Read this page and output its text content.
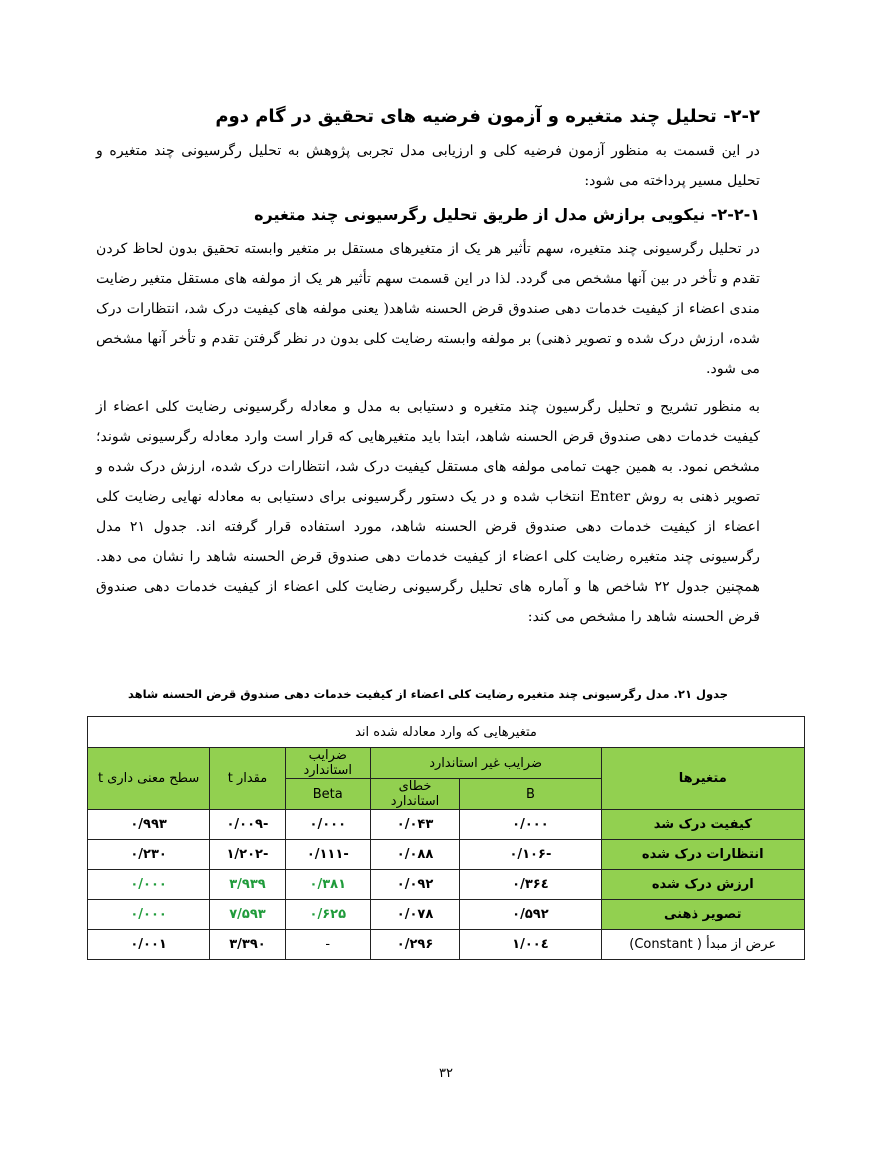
۲-۲- تحلیل چند متغیره و آزمون فرضیه های تحقیق در گام دوم
در این قسمت به منظور آزمون فرضیه کلی و ارزیابی مدل تجربی پژوهش به تحلیل رگرسیونی چند متغیره و تحلیل مسیر پرداخته می شود:
۲-۲-۱- نیکویی برازش مدل از طریق تحلیل رگرسیونی چند متغیره
در تحلیل رگرسیونی چند متغیره، سهم تأثیر هر یک از متغیرهای مستقل بر متغیر وابسته تحقیق بدون لحاظ کردن تقدم و تأخر در بین آنها مشخص می گردد. لذا در این قسمت سهم تأثیر هر یک از مولفه های مستقل متغیر رضایت مندی اعضاء از کیفیت خدمات دهی صندوق قرض الحسنه شاهد( یعنی مولفه های کیفیت درک شد، انتظارات درک شده، ارزش درک شده و تصویر ذهنی) بر مولفه وابسته رضایت کلی بدون در نظر گرفتن تقدم و تأخر آنها مشخص می شود.
به منظور تشریح و تحلیل رگرسیون چند متغیره و دستیابی به مدل و معادله رگرسیونی رضایت کلی اعضاء از کیفیت خدمات دهی صندوق قرض الحسنه شاهد، ابتدا باید متغیرهایی که قرار است وارد معادله رگرسیونی شوند؛ مشخص نمود. به همین جهت تمامی مولفه های مستقل کیفیت درک شد، انتظارات درک شده، ارزش درک شده و تصویر ذهنی به روش Enter انتخاب شده و در یک دستور رگرسیونی برای دستیابی به معادله نهایی رضایت کلی اعضاء از کیفیت خدمات دهی صندوق قرض الحسنه شاهد، مورد استفاده قرار گرفته اند. جدول ۲۱ مدل رگرسیونی چند متغیره رضایت کلی اعضاء از کیفیت خدمات دهی صندوق قرض الحسنه شاهد را نشان می دهد. همچنین جدول ۲۲ شاخص ها و آماره های تحلیل رگرسیونی رضایت کلی اعضاء از کیفیت خدمات دهی صندوق قرض الحسنه شاهد را مشخص می کند:
جدول ۲۱. مدل رگرسیونی چند متغیره رضایت کلی اعضاء از کیفیت خدمات دهی صندوق قرض الحسنه شاهد
متغیرهایی که وارد معادله شده اند					
متغیرها	ضرایب غیر استاندارد		ضرایب استاندارد	مقدار t	سطح معنی داری t
	B	خطای استاندارد	Beta		
کیفیت درک شد	۰/۰۰۰	۰/۰۴۳	۰/۰۰۰	-۰/۰۰۹	۰/۹۹۳
انتظارات درک شده	-۰/۱۰۶	۰/۰۸۸	-۰/۱۱۱	-۱/۲۰۲	۰/۲۳۰
ارزش درک شده	۰/۳۶٤	۰/۰۹۲	۰/۳۸۱	۳/۹۳۹	۰/۰۰۰
تصویر ذهنی	۰/۵۹۲	۰/۰۷۸	۰/۶۲۵	۷/۵۹۳	۰/۰۰۰
عرض از مبدأ ( Constant)	۱/۰۰٤	۰/۲۹۶	-	۳/۳۹۰	۰/۰۰۱
۳۲
